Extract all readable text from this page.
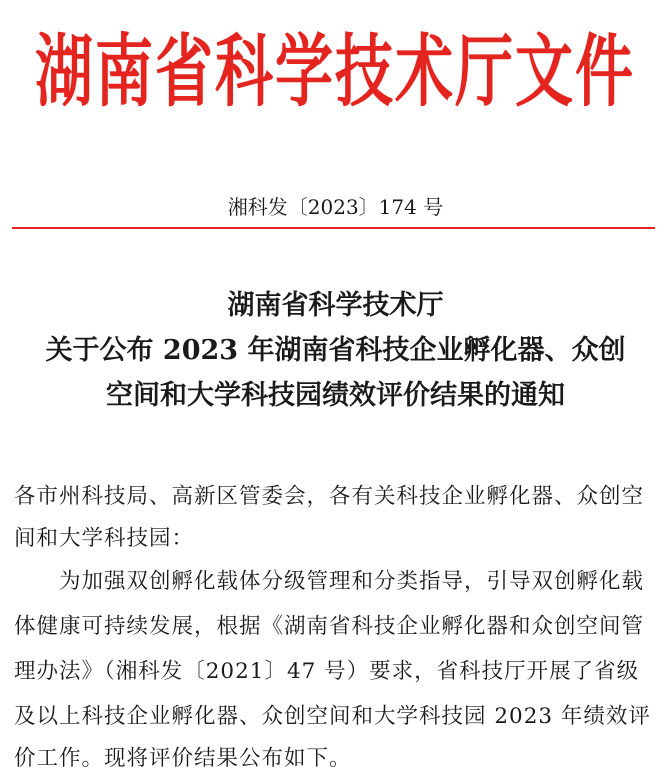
湖南省科学技术厅文件
湘科发〔2023〕174 号
湖南省科学技术厅
关于公布 2023 年湖南省科技企业孵化器、众创
空间和大学科技园绩效评价结果的通知
各市州科技局、高新区管委会，各有关科技企业孵化器、众创空
间和大学科技园：
　　为加强双创孵化载体分级管理和分类指导，引导双创孵化载
体健康可持续发展，根据《湖南省科技企业孵化器和众创空间管
理办法》（湘科发〔2021〕47 号）要求，省科技厅开展了省级
及以上科技企业孵化器、众创空间和大学科技园 2023 年绩效评
价工作。现将评价结果公布如下。
